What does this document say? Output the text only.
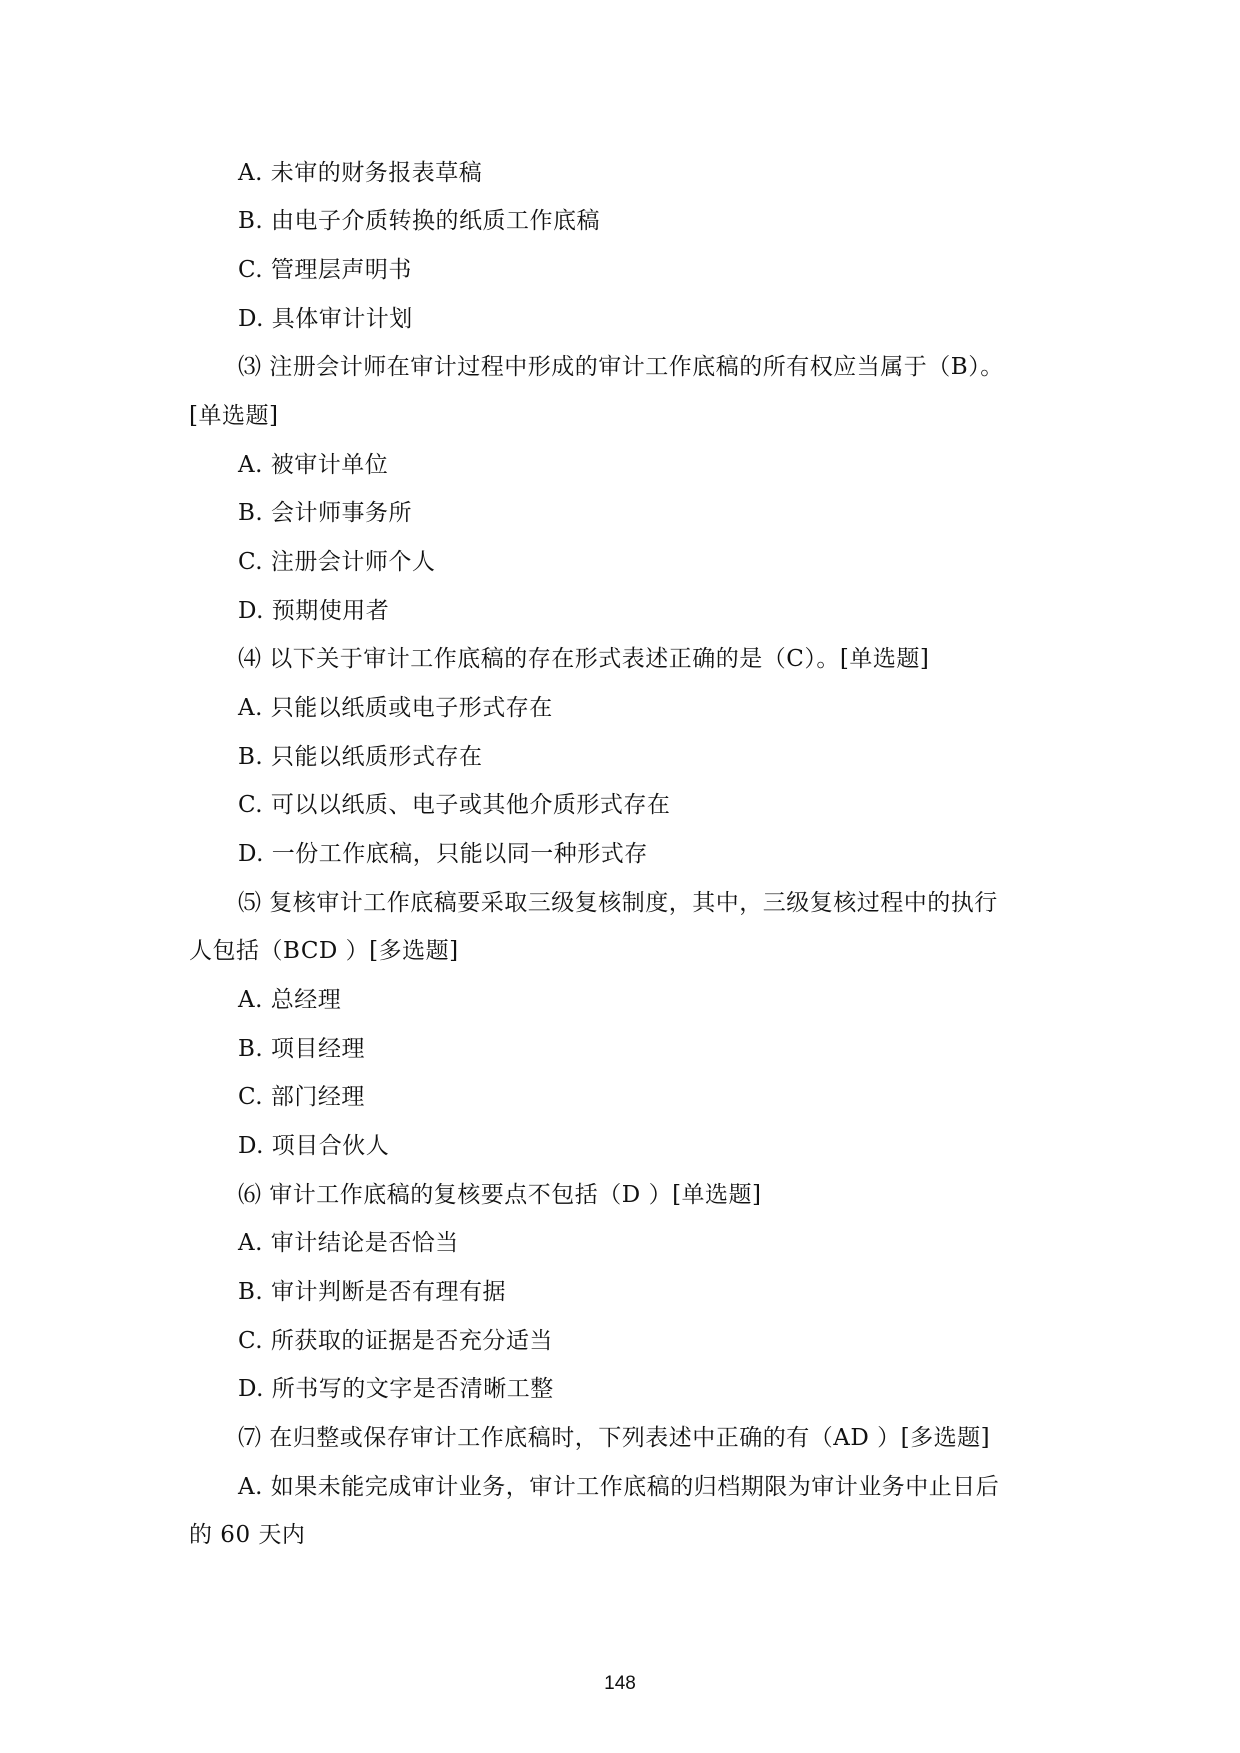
A. 未审的财务报表草稿
B. 由电子介质转换的纸质工作底稿
C. 管理层声明书
D. 具体审计计划
⑶ 注册会计师在审计过程中形成的审计工作底稿的所有权应当属于（B）。
[单选题]
A. 被审计单位
B. 会计师事务所
C. 注册会计师个人
D. 预期使用者
⑷ 以下关于审计工作底稿的存在形式表述正确的是（C）。[单选题]
A. 只能以纸质或电子形式存在
B. 只能以纸质形式存在
C. 可以以纸质、电子或其他介质形式存在
D. 一份工作底稿，只能以同一种形式存
⑸ 复核审计工作底稿要采取三级复核制度，其中，三级复核过程中的执行
人包括（BCD ）[多选题]
A. 总经理
B. 项目经理
C. 部门经理
D. 项目合伙人
⑹ 审计工作底稿的复核要点不包括（D ）[单选题]
A. 审计结论是否恰当
B. 审计判断是否有理有据
C. 所获取的证据是否充分适当
D. 所书写的文字是否清晰工整
⑺ 在归整或保存审计工作底稿时，下列表述中正确的有（AD ）[多选题]
A. 如果未能完成审计业务，审计工作底稿的归档期限为审计业务中止日后
的 60 天内
148
